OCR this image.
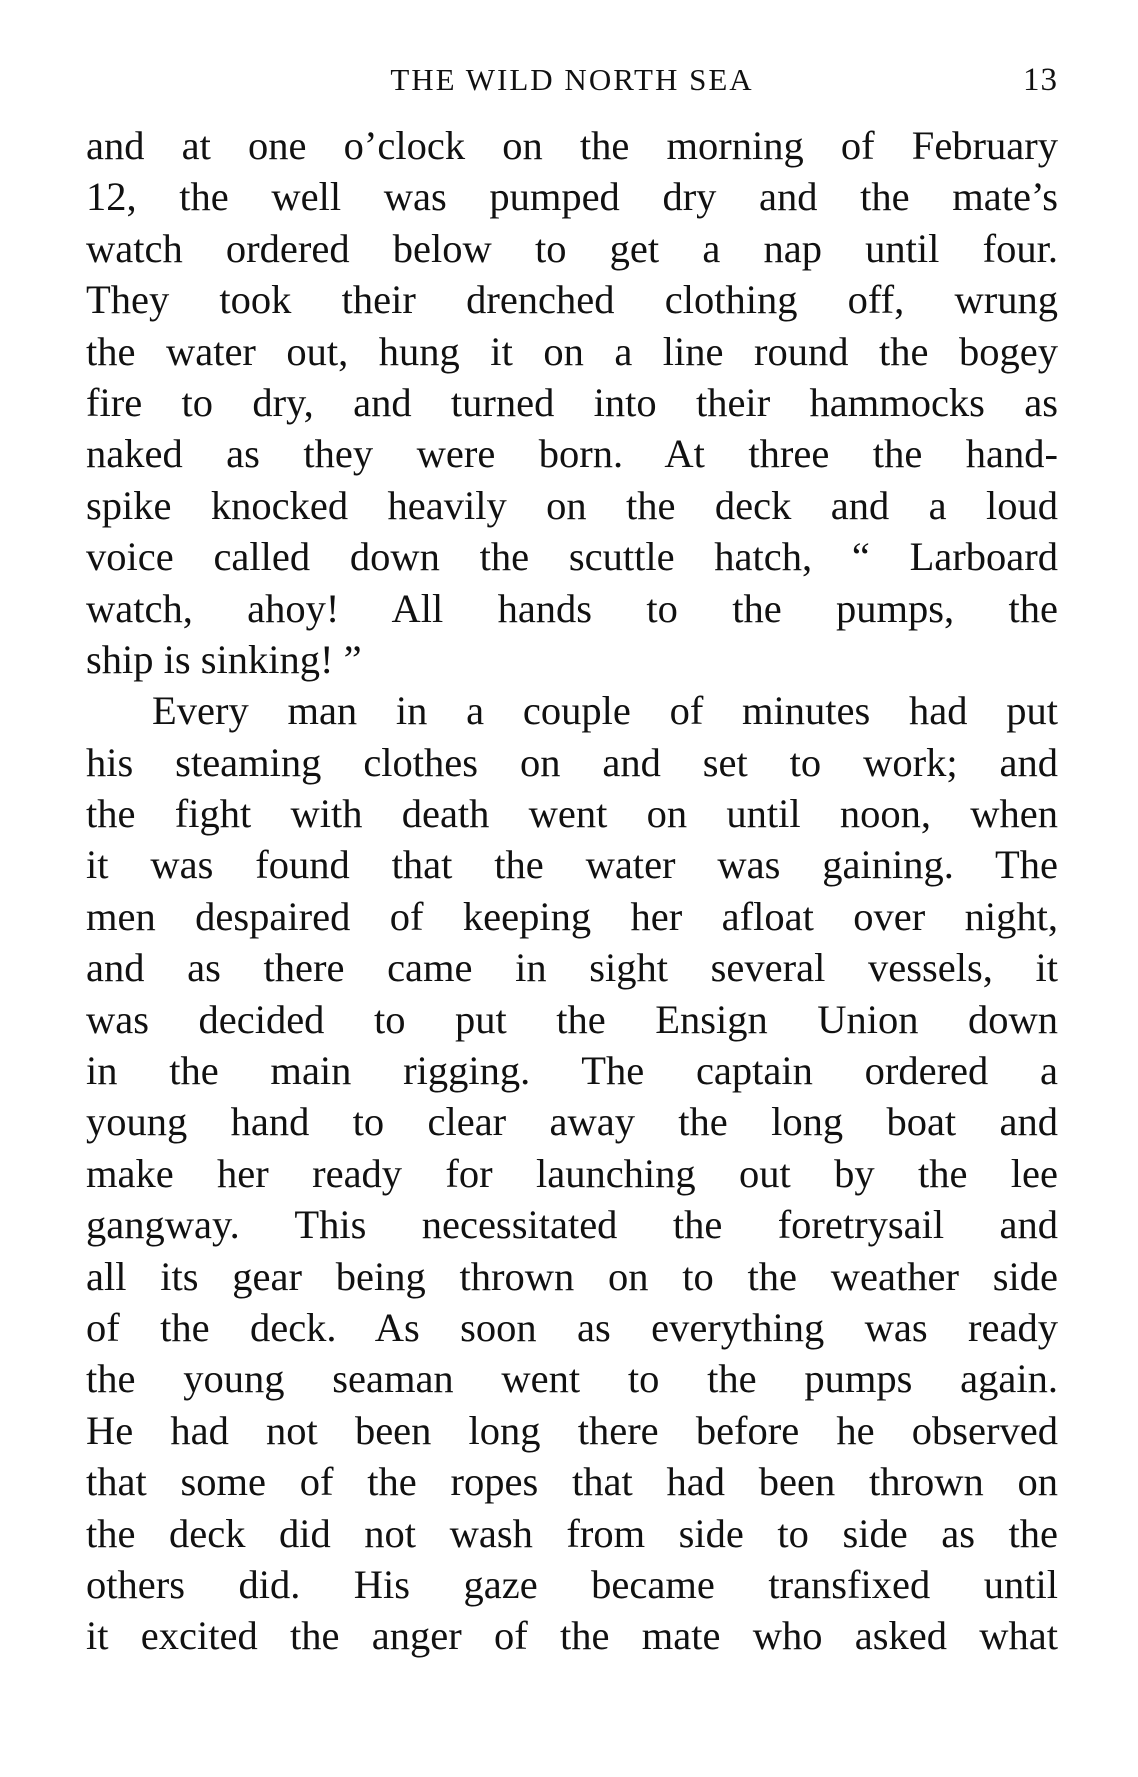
THE WILD NORTH SEA	13
and at one o’clock on the morning of February
12, the well was pumped dry and the mate’s
watch ordered below to get a nap until four.
They took their drenched clothing off, wrung
the water out, hung it on a line round the bogey
fire to dry, and turned into their hammocks as
naked as they were born. At three the hand-
spike knocked heavily on the deck and a loud
voice called down the scuttle hatch, “ Larboard
watch, ahoy! All hands to the pumps, the
ship is sinking! ”
Every man in a couple of minutes had put
his steaming clothes on and set to work; and
the fight with death went on until noon, when
it was found that the water was gaining. The
men despaired of keeping her afloat over night,
and as there came in sight several vessels, it
was decided to put the Ensign Union down
in the main rigging. The captain ordered a
young hand to clear away the long boat and
make her ready for launching out by the lee
gangway. This necessitated the foretrysail and
all its gear being thrown on to the weather side
of the deck. As soon as everything was ready
the young seaman went to the pumps again.
He had not been long there before he observed
that some of the ropes that had been thrown on
the deck did not wash from side to side as the
others did. His gaze became transfixed until
it excited the anger of the mate who asked what
